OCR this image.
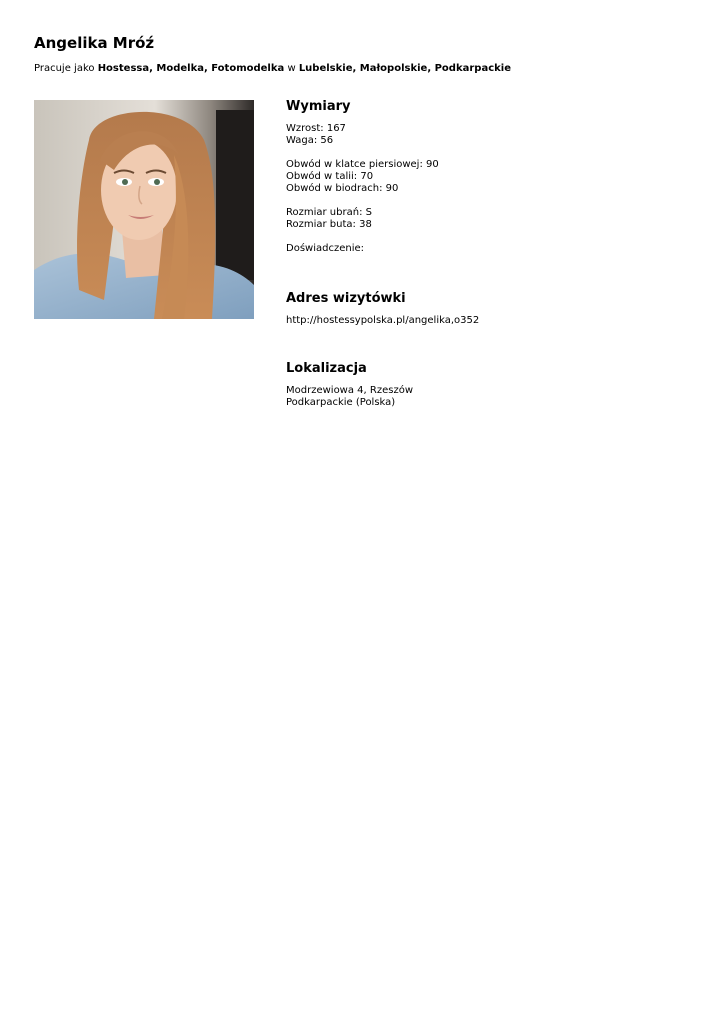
Angelika Mróź

Pracuje jako Hostessa, Modelka, Fotomodelka w Lubelskie, Małopolskie, Podkarpackie

Wymiary

Wzrost: 167

Waga: 56

Obwód w klatce piersiowej: 90

Obwód w talii: 70

Obwód w biodrach: 90

Rozmiar ubrań: S

Rozmiar buta: 38

Doświadczenie:

Adres wizytówki

http://hostessypolska.pl/angelika,o352

Lokalizacja

Modrzewiowa 4, Rzeszów

Podkarpackie (Polska)
